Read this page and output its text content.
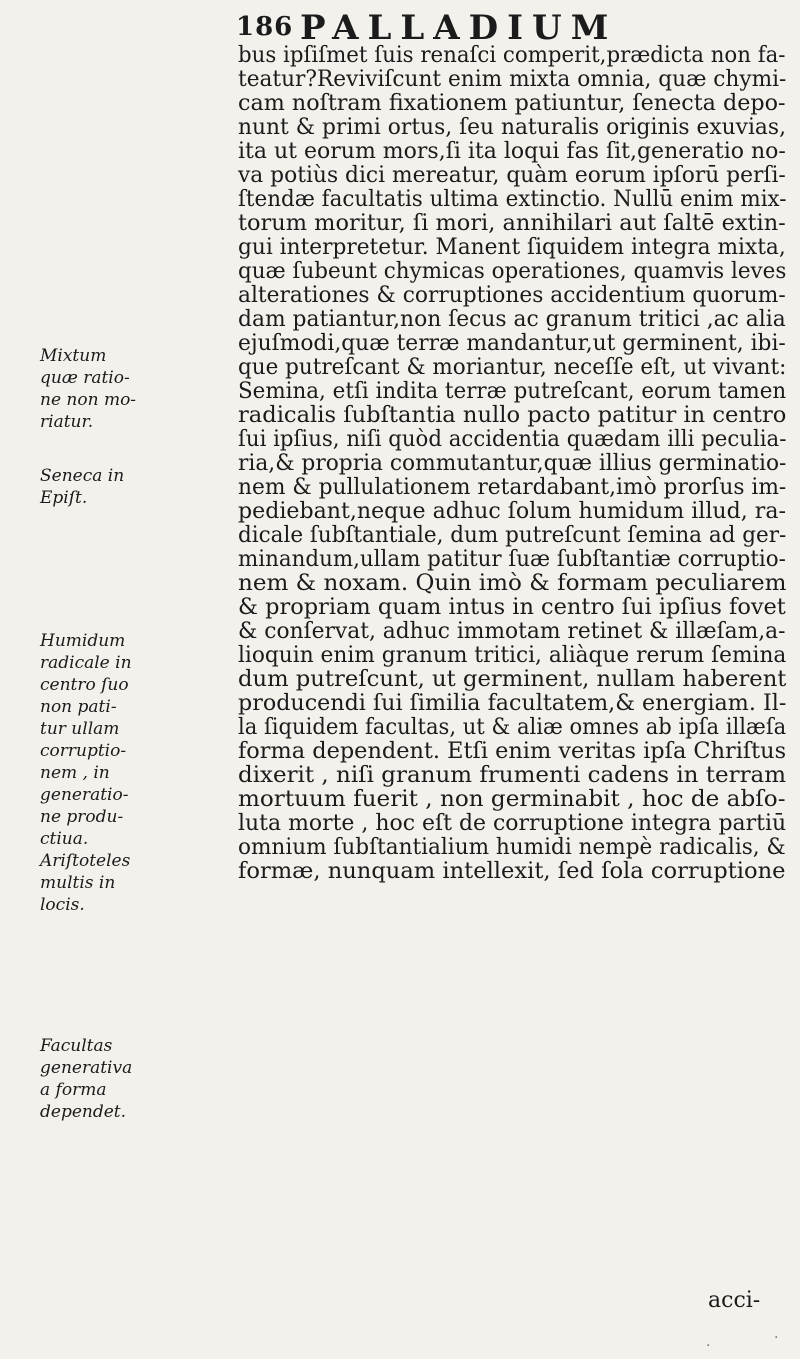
186 PALLADIUM
Mixtum
quæ ratio-
ne non mo-
riatur.
Seneca in
Epiſt.
Humidum
radicale in
centro ſuo
non pati-
tur ullam
corruptio-
nem , in
generatio-
ne produ-
ctiua.
Ariſtoteles
multis in
locis.
Facultas
generativa
a forma
dependet.
bus ipſiſmet ſuis renaſci comperit,prædicta non fa-
teatur?Reviviſcunt enim mixta omnia, quæ chymi-
cam noſtram fixationem patiuntur, ſenecta depo-
nunt & primi ortus, ſeu naturalis originis exuvias,
ita ut eorum mors,ſi ita loqui fas ſit,generatio no-
va potiùs dici mereatur, quàm eorum ipſorū perſi-
ſtendæ facultatis ultima extinctio. Nullū enim mix-
torum moritur, ſi mori, annihilari aut ſaltē extin-
gui interpretetur. Manent ſiquidem integra mixta,
quæ ſubeunt chymicas operationes, quamvis leves
alterationes & corruptiones accidentium quorum-
dam patiantur,non ſecus ac granum tritici ,ac alia
ejuſmodi,quæ terræ mandantur,ut germinent, ibi-
que putreſcant & moriantur, neceſſe eſt, ut vivant:
Semina, etſi indita terræ putreſcant, eorum tamen
radicalis ſubſtantia nullo pacto patitur in centro
ſui ipſius, niſi quòd accidentia quædam illi peculia-
ria,& propria commutantur,quæ illius germinatio-
nem & pullulationem retardabant,imò prorſus im-
pediebant,neque adhuc ſolum humidum illud, ra-
dicale ſubſtantiale, dum putreſcunt ſemina ad ger-
minandum,ullam patitur ſuæ ſubſtantiæ corruptio-
nem & noxam. Quin imò & formam peculiarem
& propriam quam intus in centro ſui ipſius fovet
& conſervat, adhuc immotam retinet & illæſam,a-
lioquin enim granum tritici, aliàque rerum ſemina
dum putreſcunt, ut germinent, nullam haberent
producendi ſui ſimilia facultatem,& energiam. Il-
la ſiquidem facultas, ut & aliæ omnes ab ipſa illæſa
forma dependent. Etſi enim veritas ipſa Chriſtus
dixerit , niſi granum frumenti cadens in terram
mortuum fuerit , non germinabit , hoc de abſo-
luta morte , hoc eſt de corruptione integra partiū
omnium ſubſtantialium humidi nempè radicalis, &
formæ, nunquam intellexit, ſed ſola corruptione
acci-
·
·
